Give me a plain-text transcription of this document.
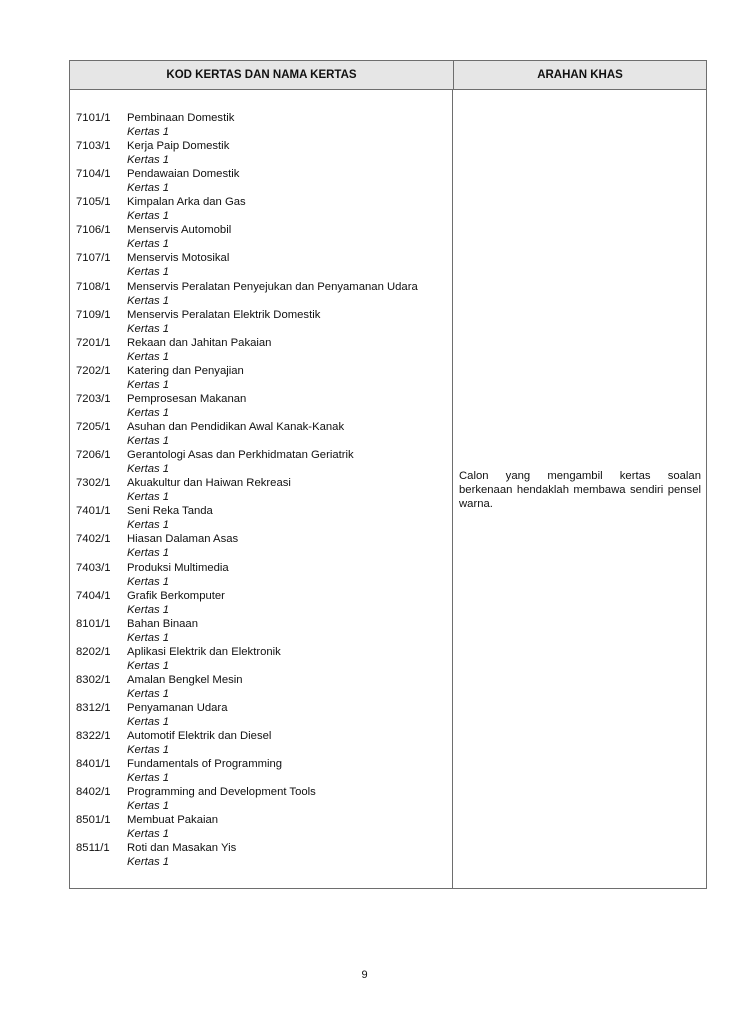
KOD KERTAS DAN NAMA KERTAS	ARAHAN KHAS
7101/1 Pembinaan Domestik
Kertas 1
7103/1 Kerja Paip Domestik
Kertas 1
7104/1 Pendawaian Domestik
Kertas 1
7105/1 Kimpalan Arka dan Gas
Kertas 1
7106/1 Menservis Automobil
Kertas 1
7107/1 Menservis Motosikal
Kertas 1
7108/1 Menservis Peralatan Penyejukan dan Penyamanan Udara
Kertas 1
7109/1 Menservis Peralatan Elektrik Domestik
Kertas 1
7201/1 Rekaan dan Jahitan Pakaian
Kertas 1
7202/1 Katering dan Penyajian
Kertas 1
7203/1 Pemprosesan Makanan
Kertas 1
7205/1 Asuhan dan Pendidikan Awal Kanak-Kanak
Kertas 1
7206/1 Gerantologi Asas dan Perkhidmatan Geriatrik
Kertas 1
7302/1 Akuakultur dan Haiwan Rekreasi
Kertas 1
7401/1 Seni Reka Tanda
Kertas 1
7402/1 Hiasan Dalaman Asas
Kertas 1
7403/1 Produksi Multimedia
Kertas 1
7404/1 Grafik Berkomputer
Kertas 1
8101/1 Bahan Binaan
Kertas 1
8202/1 Aplikasi Elektrik dan Elektronik
Kertas 1
8302/1 Amalan Bengkel Mesin
Kertas 1
8312/1 Penyamanan Udara
Kertas 1
8322/1 Automotif Elektrik dan Diesel
Kertas 1
8401/1 Fundamentals of Programming
Kertas 1
8402/1 Programming and Development Tools
Kertas 1
8501/1 Membuat Pakaian
Kertas 1
8511/1 Roti dan Masakan Yis
Kertas 1
Calon yang mengambil kertas soalan berkenaan hendaklah membawa sendiri pensel warna.
9
